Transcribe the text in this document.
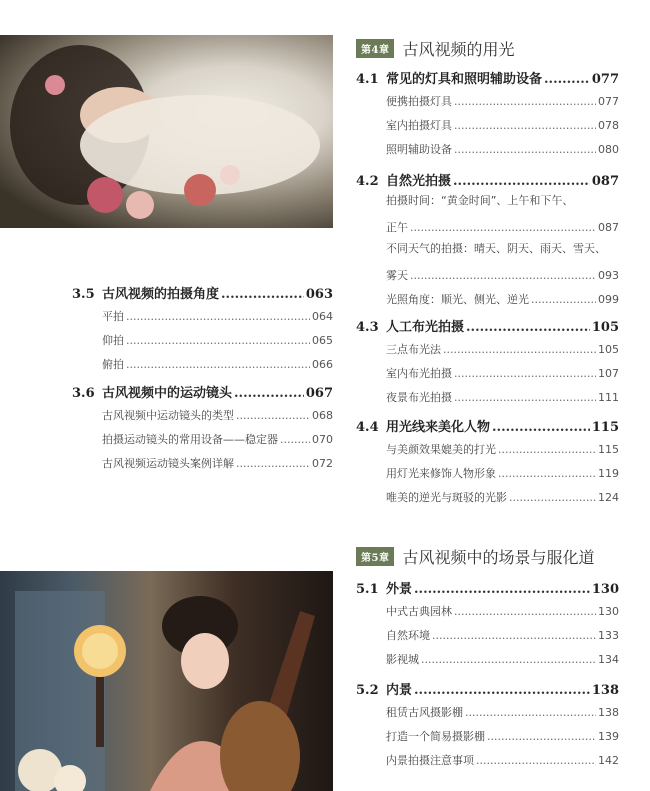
第4章 古风视频的用光
4.1 常见的灯具和照明辅助设备 .....	077
便携拍摄灯具 .....	077
室内拍摄灯具 .....	078
照明辅助设备 .....	080
4.2 自然光拍摄 .....	087
拍摄时间：“黄金时间”、上午和下午、
正午 .....	087
不同天气的拍摄：晴天、阴天、雨天、雪天、
雾天 .....	093
光照角度：顺光、侧光、逆光 .....	099
4.3 人工布光拍摄 .....	105
三点布光法 .....	105
室内布光拍摄 .....	107
夜景布光拍摄 .....	111
4.4 用光线来美化人物 .....	115
与美颜效果媲美的打光 .....	115
用灯光来修饰人物形象 .....	119
唯美的逆光与斑驳的光影 .....	124
3.5 古风视频的拍摄角度 .....	063
平拍 .....	064
仰拍 .....	065
俯拍 .....	066
3.6 古风视频中的运动镜头 .....	067
古风视频中运动镜头的类型 .....	068
拍摄运动镜头的常用设备——稳定器 .....	070
古风视频运动镜头案例详解 .....	072
第5章 古风视频中的场景与服化道
5.1 外景 .....	130
中式古典园林 .....	130
自然环境 .....	133
影视城 .....	134
5.2 内景 .....	138
租赁古风摄影棚 .....	138
打造一个简易摄影棚 .....	139
内景拍摄注意事项 .....	142
